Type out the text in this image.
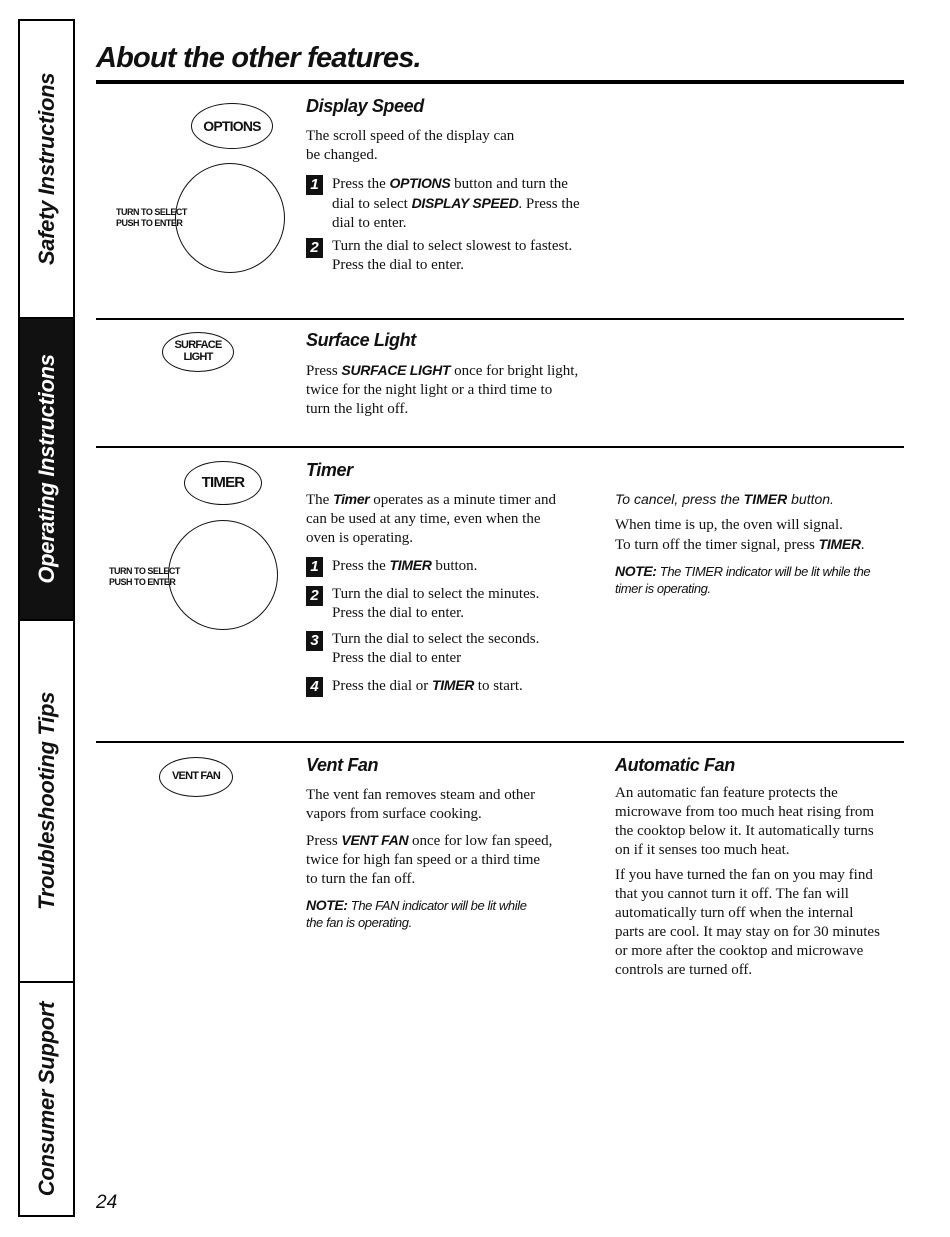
Safety Instructions
Operating Instructions
Troubleshooting Tips
Consumer Support
About the other features.
OPTIONS
TURN TO SELECT
PUSH TO ENTER
Display Speed

The scroll speed of the display can
be changed.

1 Press the OPTIONS button and turn the
dial to select DISPLAY SPEED. Press the
dial to enter.

2 Turn the dial to select slowest to fastest.
Press the dial to enter.

SURFACE
LIGHT
Surface Light

Press SURFACE LIGHT once for bright light,
twice for the night light or a third time to
turn the light off.

TIMER
TURN TO SELECT
PUSH TO ENTER
Timer

The Timer operates as a minute timer and
can be used at any time, even when the
oven is operating.

1 Press the TIMER button.

2 Turn the dial to select the minutes.
Press the dial to enter.

3 Turn the dial to select the seconds.
Press the dial to enter

4 Press the dial or TIMER to start.

To cancel, press the TIMER button.

When time is up, the oven will signal.
To turn off the timer signal, press TIMER.

NOTE: The TIMER indicator will be lit while the
timer is operating.

VENT FAN
Vent Fan

The vent fan removes steam and other
vapors from surface cooking.

Press VENT FAN once for low fan speed,
twice for high fan speed or a third time
to turn the fan off.

NOTE: The FAN indicator will be lit while
the fan is operating.

Automatic Fan

An automatic fan feature protects the
microwave from too much heat rising from
the cooktop below it. It automatically turns
on if it senses too much heat.

If you have turned the fan on you may find
that you cannot turn it off. The fan will
automatically turn off when the internal
parts are cool. It may stay on for 30 minutes
or more after the cooktop and microwave
controls are turned off.

24
